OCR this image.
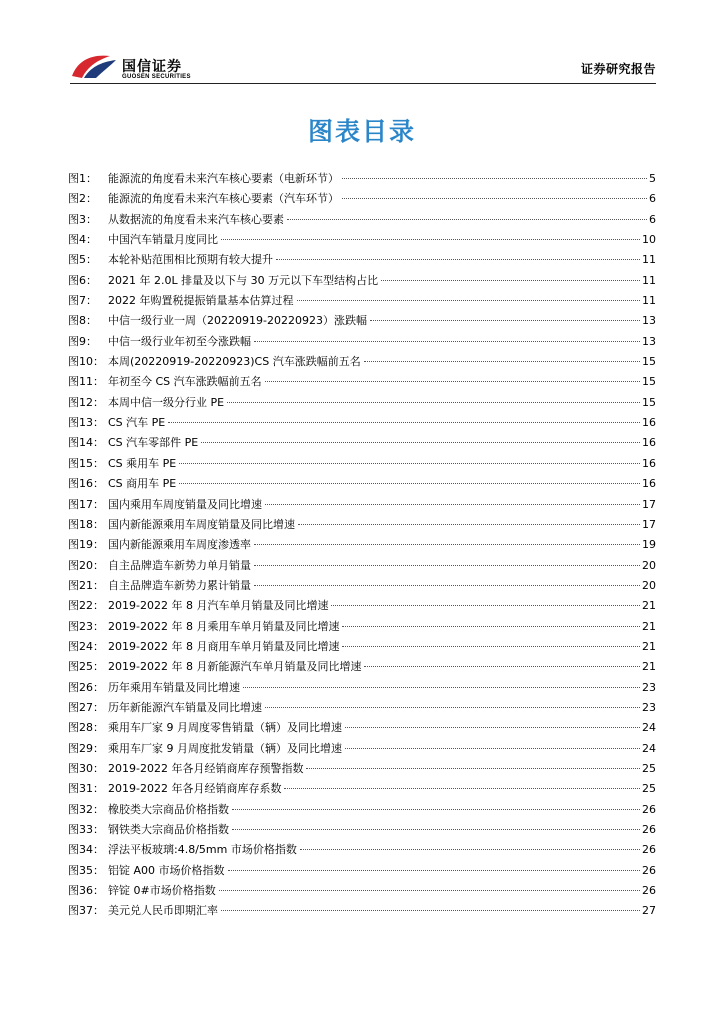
国信证券
GUOSEN SECURITIES
证券研究报告
图表目录
图1：	能源流的角度看未来汽车核心要素（电新环节）	5
图2：	能源流的角度看未来汽车核心要素（汽车环节）	6
图3：	从数据流的角度看未来汽车核心要素	6
图4：	中国汽车销量月度同比	10
图5：	本轮补贴范围相比预期有较大提升	11
图6：	2021 年 2.0L 排量及以下与 30 万元以下车型结构占比	11
图7：	2022 年购置税提振销量基本估算过程	11
图8：	中信一级行业一周（20220919-20220923）涨跌幅	13
图9：	中信一级行业年初至今涨跌幅	13
图10： 本周(20220919-20220923)CS 汽车涨跌幅前五名	15
图11： 年初至今 CS 汽车涨跌幅前五名	15
图12： 本周中信一级分行业 PE	15
图13： CS 汽车 PE	16
图14： CS 汽车零部件 PE	16
图15： CS 乘用车 PE	16
图16： CS 商用车 PE	16
图17： 国内乘用车周度销量及同比增速	17
图18： 国内新能源乘用车周度销量及同比增速	17
图19： 国内新能源乘用车周度渗透率	19
图20： 自主品牌造车新势力单月销量	20
图21： 自主品牌造车新势力累计销量	20
图22： 2019-2022 年 8 月汽车单月销量及同比增速	21
图23： 2019-2022 年 8 月乘用车单月销量及同比增速	21
图24： 2019-2022 年 8 月商用车单月销量及同比增速	21
图25： 2019-2022 年 8 月新能源汽车单月销量及同比增速	21
图26： 历年乘用车销量及同比增速	23
图27： 历年新能源汽车销量及同比增速	23
图28： 乘用车厂家 9 月周度零售销量（辆）及同比增速	24
图29： 乘用车厂家 9 月周度批发销量（辆）及同比增速	24
图30： 2019-2022 年各月经销商库存预警指数	25
图31： 2019-2022 年各月经销商库存系数	25
图32： 橡胶类大宗商品价格指数	26
图33： 钢铁类大宗商品价格指数	26
图34： 浮法平板玻璃:4.8/5mm 市场价格指数	26
图35： 铝锭 A00 市场价格指数	26
图36： 锌锭 0#市场价格指数	26
图37： 美元兑人民币即期汇率	27
